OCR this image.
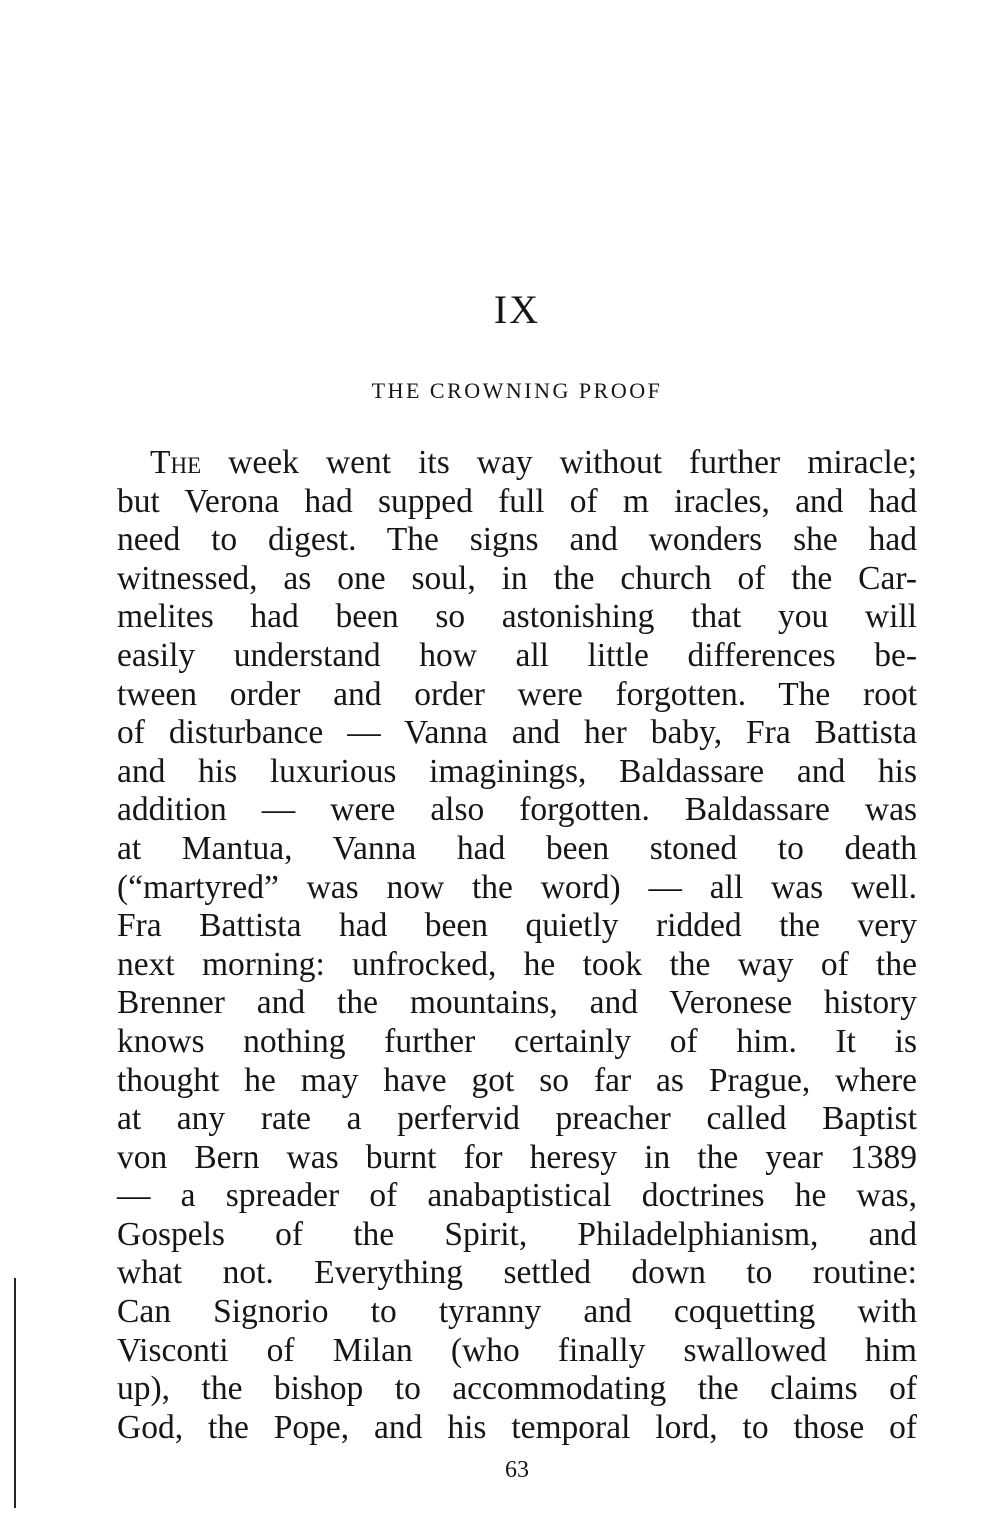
IX
THE CROWNING PROOF
The week went its way without further miracle;
but Verona had supped full of m iracles, and had
need to digest. The signs and wonders she had
witnessed, as one soul, in the church of the Car-
melites had been so astonishing that you will
easily understand how all little differences be-
tween order and order were forgotten. The root
of disturbance — Vanna and her baby, Fra Battista
and his luxurious imaginings, Baldassare and his
addition — were also forgotten. Baldassare was
at Mantua, Vanna had been stoned to death
(“martyred” was now the word) — all was well.
Fra Battista had been quietly ridded the very
next morning: unfrocked, he took the way of the
Brenner and the mountains, and Veronese history
knows nothing further certainly of him. It is
thought he may have got so far as Prague, where
at any rate a perfervid preacher called Baptist
von Bern was burnt for heresy in the year 1389
— a spreader of anabaptistical doctrines he was,
Gospels of the Spirit, Philadelphianism, and
what not. Everything settled down to routine:
Can Signorio to tyranny and coquetting with
Visconti of Milan (who finally swallowed him
up), the bishop to accommodating the claims of
God, the Pope, and his temporal lord, to those of
63
